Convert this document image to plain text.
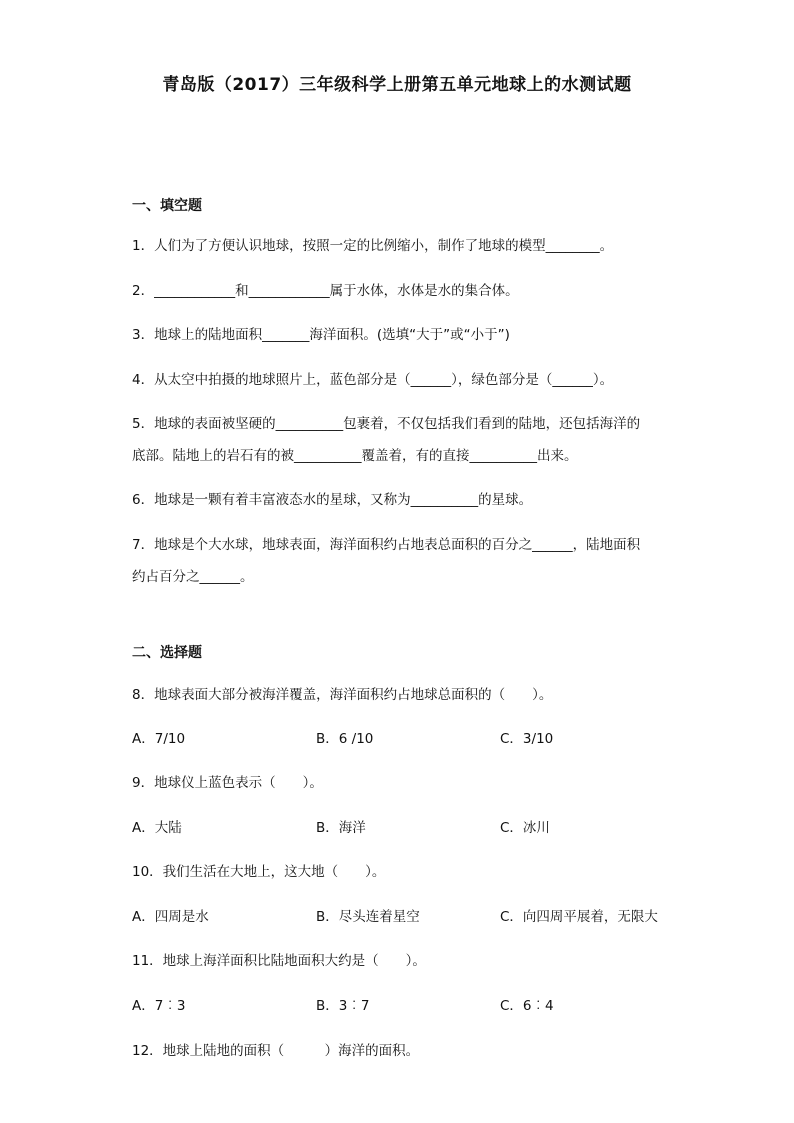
青岛版（2017）三年级科学上册第五单元地球上的水测试题
一、填空题
1．人们为了方便认识地球，按照一定的比例缩小，制作了地球的模型________。
2．____________和____________属于水体，水体是水的集合体。
3．地球上的陆地面积_______海洋面积。(选填“大于”或“小于”)
4．从太空中拍摄的地球照片上，蓝色部分是（______），绿色部分是（______）。
5．地球的表面被坚硬的__________包裹着，不仅包括我们看到的陆地，还包括海洋的
底部。陆地上的岩石有的被__________覆盖着，有的直接__________出来。
6．地球是一颗有着丰富液态水的星球，又称为__________的星球。
7．地球是个大水球，地球表面，海洋面积约占地表总面积的百分之______，陆地面积
约占百分之______。
二、选择题
8．地球表面大部分被海洋覆盖，海洋面积约占地球总面积的（　　）。
A．7/10	B．6 /10	C．3/10
9．地球仪上蓝色表示（　　）。
A．大陆	B．海洋	C．冰川
10．我们生活在大地上，这大地（　　）。
A．四周是水	B．尽头连着星空	C．向四周平展着，无限大
11．地球上海洋面积比陆地面积大约是（　　）。
A．7︰3	B．3︰7	C．6︰4
12．地球上陆地的面积（　　　）海洋的面积。
